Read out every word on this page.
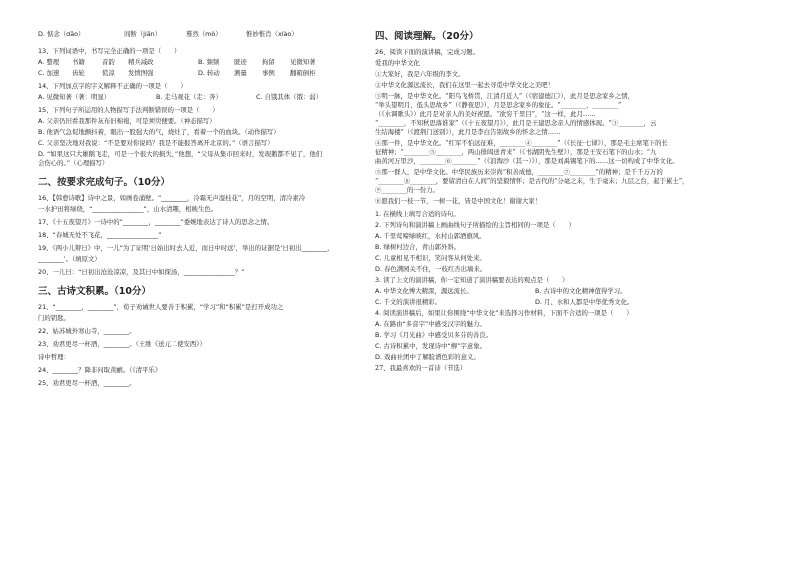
D. 惦念（dāo）	间断（jiān）	蓦然（mò）	惟妙惟肖（xiào）

13、下列词语中，书写完全正确的一项是（　　）

A. 整理	书籍	音韵	精兵减政	B. 频频	匿迹	拘留	见微知著
C. 加速	齿轮	慌凉	发愤图强	D. 转动	测量	事例	翻箱倒柜

14、下列加点字的字义解释不正确的一项是（　　）

A. 见微知著（著：明显）	B. 走马观花（走：奔）	C. 自饿其体（饿：弱）

15、下列句子所运用的人物描写手法判断错误的一项是（　　）

A. 父亲仍旧看我那件灰布旧棉袍，可是须臾便要。（神态描写）

B. 他语气急促地颤抖着，眼出一股强大的气，烧灶了，看着一个的血块。（动作描写）

C. 父亲坚决地对我说：“不是要对你说吗？我是不能报答离开北京的。”（语言描写）

D. “如果这只大雄鹅飞走，可是一个很大的损失，”他想，“父母从集市回来时，发现鹅都不见了，他们

会伤心的。”（心理描写）

二、按要求完成句子。（10分）

16、【韩愈诗歌】诗中之景，如画卷涌壁。“________，冷霜无声湿桂花”，月的空明，清冷素冷

一水护田将绿绕，“________________”，山水清趣，相映生色。

17、《十五夜望月》一诗中的“________，________”委婉地表达了诗人的思念之情。

18、“春城无处不飞花，________________”

19、《两小儿辩日》中，一儿“为了证明‘日始出时去人近，而日中时远’，举出的证据是‘日初出________，

________’。（填原文）

20、一儿曰：“日初出沧沧凉凉，及其日中如探汤，________________？”

三、古诗文积累。（10分）

21、“________，________”，荀子劝诫世人要善于积累，“学习”和“积累”是打开成功之

门的钥匙。

22、姑苏城外寒山寺，________。

23、劝君更尽一杯酒，________。（王维《送元二使安西》）

诗中哲理：

24、________？降非问取黄鹂。（《清平乐》

25、劝君更尽一杯酒，________。

四、阅读理解。（20分）

26、阅读下面的演讲稿，完成习题。

爱我的中华文化

①大家好，我是六年级的李文。

②中华文化源远流长，我们在这里一起去寻觅中华文化之美吧！

③明一脉，是中华文化。“阳鸟飞桥贯，江清月近人”（《宿建德江》），此月是思念家乡之情，

“举头望明月，低头思故乡”（《静夜思》），月是思念家乡的象征。“________，________”

（《水调歌头》）此月是对亲人的美好祝愿。“欲穷千里目”，“这一样，此月……

“________，不知秋思落谁家”（《十五夜望月》），此月是王建思念亲人的情感体现。“③________，云

生结海楼”（《渡荆门送别》），此月是李白告别故乡的怀念之情……

④那一件，是中华文化。“红军不怕远征难，________④________”（《长征·七律》），那是毛主席笔下的长

征精神；“________⑤________，两山排闼送青来”（《书湖阴先生壁》），那是王安石笔下的山水；“九

曲黄河万里沙，________⑥________”（《浪淘沙（其一）》），那是刘禹锡笔下的……这一切构成了中华文化。

⑤那一群人，是中华文化。中华民族历来崇尚“积善成德，________⑦________”的精神；是千千万万的

“________⑧________，要留清白在人间”的坚毅情怀；是古代的“分毫之末，生于毫末；九层之台，起于累土”，

⑨________的一份力。

⑥愿我们一枝一节，一树一花，皆是中国文化！谢谢大家！

1. 在横线上填写合适的诗句。

2. 下列诗句和演讲稿上画曲线句子所描绘的主旨相同的一项是（　　）

A. 千里莺啼绿映红，水村山郭酒旗风。

B. 绿树村边合，青山郭外斜。

C. 儿童相见不相识，笑问客从何处来。

D. 春色满园关不住，一枝红杏出墙来。

3. 读了上文的演讲稿，你一定知道了演讲稿要表达的观点是（　　）

A. 中华文化博大精深，源远流长。	B. 古诗中的文化精神值得学习。
C. 千文的演讲很精彩。	D. 月、水和人都是中华优秀文化。

4. 阅读演讲稿后，如果让你围绕“中华文化”来选择习作材料，下面不合适的一项是（　　）

A. 在路由“多音字”中感受汉字的魅力。

B. 学习《月光曲》中感受贝多芬的善良。

C. 古诗积累中，发现诗中“柳”字意象。

D. 戏曲社团中了解脸谱色彩的意义。

27、我最喜欢的一首诗（节选）
